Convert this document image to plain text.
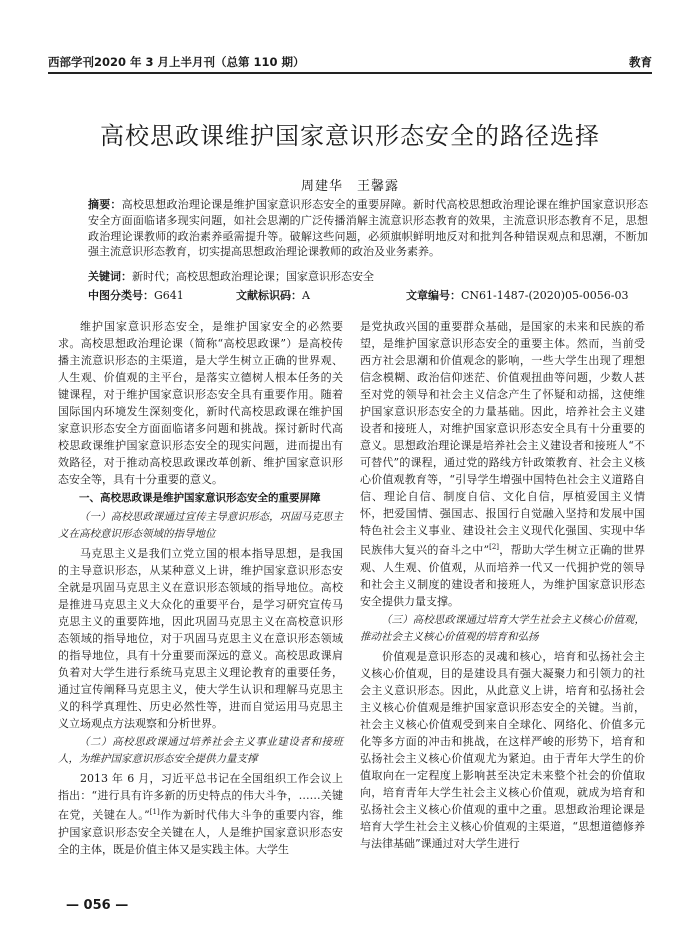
西部学刊2020 年 3 月上半月刊（总第 110 期）	教育
高校思政课维护国家意识形态安全的路径选择
周建华　王馨露
摘要：高校思想政治理论课是维护国家意识形态安全的重要屏障。新时代高校思想政治理论课在维护国家意识形态安全方面面临诸多现实问题，如社会思潮的广泛传播消解主流意识形态教育的效果，主流意识形态教育不足，思想政治理论课教师的政治素养亟需提升等。破解这些问题，必须旗帜鲜明地反对和批判各种错误观点和思潮，不断加强主流意识形态教育，切实提高思想政治理论课教师的政治及业务素养。
关键词：新时代；高校思想政治理论课；国家意识形态安全
中图分类号：G641	文献标识码：A	文章编号：CN61-1487-(2020)05-0056-03

维护国家意识形态安全，是维护国家安全的必然要求。高校思想政治理论课（简称“高校思政课”）是高校传播主流意识形态的主渠道，是大学生树立正确的世界观、人生观、价值观的主平台，是落实立德树人根本任务的关键课程，对于维护国家意识形态安全具有重要作用。随着国际国内环境发生深刻变化，新时代高校思政课在维护国家意识形态安全方面面临诸多问题和挑战。探讨新时代高校思政课维护国家意识形态安全的现实问题，进而提出有效路径，对于推动高校思政课改革创新、维护国家意识形态安全等，具有十分重要的意义。

一、高校思政课是维护国家意识形态安全的重要屏障

（一）高校思政课通过宣传主导意识形态，巩固马克思主义在高校意识形态领域的指导地位

马克思主义是我们立党立国的根本指导思想，是我国的主导意识形态，从某种意义上讲，维护国家意识形态安全就是巩固马克思主义在意识形态领域的指导地位。高校是推进马克思主义大众化的重要平台，是学习研究宣传马克思主义的重要阵地，因此巩固马克思主义在高校意识形态领域的指导地位，对于巩固马克思主义在意识形态领域的指导地位，具有十分重要而深远的意义。高校思政课肩负着对大学生进行系统马克思主义理论教育的重要任务，通过宣传阐释马克思主义，使大学生认识和理解马克思主义的科学真理性、历史必然性等，进而自觉运用马克思主义立场观点方法观察和分析世界。

（二）高校思政课通过培养社会主义事业建设者和接班人，为维护国家意识形态安全提供力量支撑

2013 年 6 月，习近平总书记在全国组织工作会议上指出：“进行具有许多新的历史特点的伟大斗争，……关键在党，关键在人。”[1]作为新时代伟大斗争的重要内容，维护国家意识形态安全关键在人，人是维护国家意识形态安全的主体，既是价值主体又是实践主体。大学生

是党执政兴国的重要群众基础，是国家的未来和民族的希望，是维护国家意识形态安全的重要主体。然而，当前受西方社会思潮和价值观念的影响，一些大学生出现了理想信念模糊、政治信仰迷茫、价值观扭曲等问题，少数人甚至对党的领导和社会主义信念产生了怀疑和动摇，这使维护国家意识形态安全的力量基础。因此，培养社会主义建设者和接班人，对维护国家意识形态安全具有十分重要的意义。思想政治理论课是培养社会主义建设者和接班人“不可替代”的课程，通过党的路线方针政策教育、社会主义核心价值观教育等，“引导学生增强中国特色社会主义道路自信、理论自信、制度自信、文化自信，厚植爱国主义情怀，把爱国情、强国志、报国行自觉融入坚持和发展中国特色社会主义事业、建设社会主义现代化强国、实现中华民族伟大复兴的奋斗之中”[2]，帮助大学生树立正确的世界观、人生观、价值观，从而培养一代又一代拥护党的领导和社会主义制度的建设者和接班人，为维护国家意识形态安全提供力量支撑。

（三）高校思政课通过培育大学生社会主义核心价值观，推动社会主义核心价值观的培育和弘扬

价值观是意识形态的灵魂和核心，培育和弘扬社会主义核心价值观，目的是建设具有强大凝聚力和引领力的社会主义意识形态。因此，从此意义上讲，培育和弘扬社会主义核心价值观是维护国家意识形态安全的关键。当前，社会主义核心价值观受到来自全球化、网络化、价值多元化等多方面的冲击和挑战，在这样严峻的形势下，培育和弘扬社会主义核心价值观尤为紧迫。由于青年大学生的价值取向在一定程度上影响甚至决定未来整个社会的价值取向，培育青年大学生社会主义核心价值观，就成为培育和弘扬社会主义核心价值观的重中之重。思想政治理论课是培育大学生社会主义核心价值观的主渠道，“思想道德修养与法律基础”课通过对大学生进行

— 056 —
